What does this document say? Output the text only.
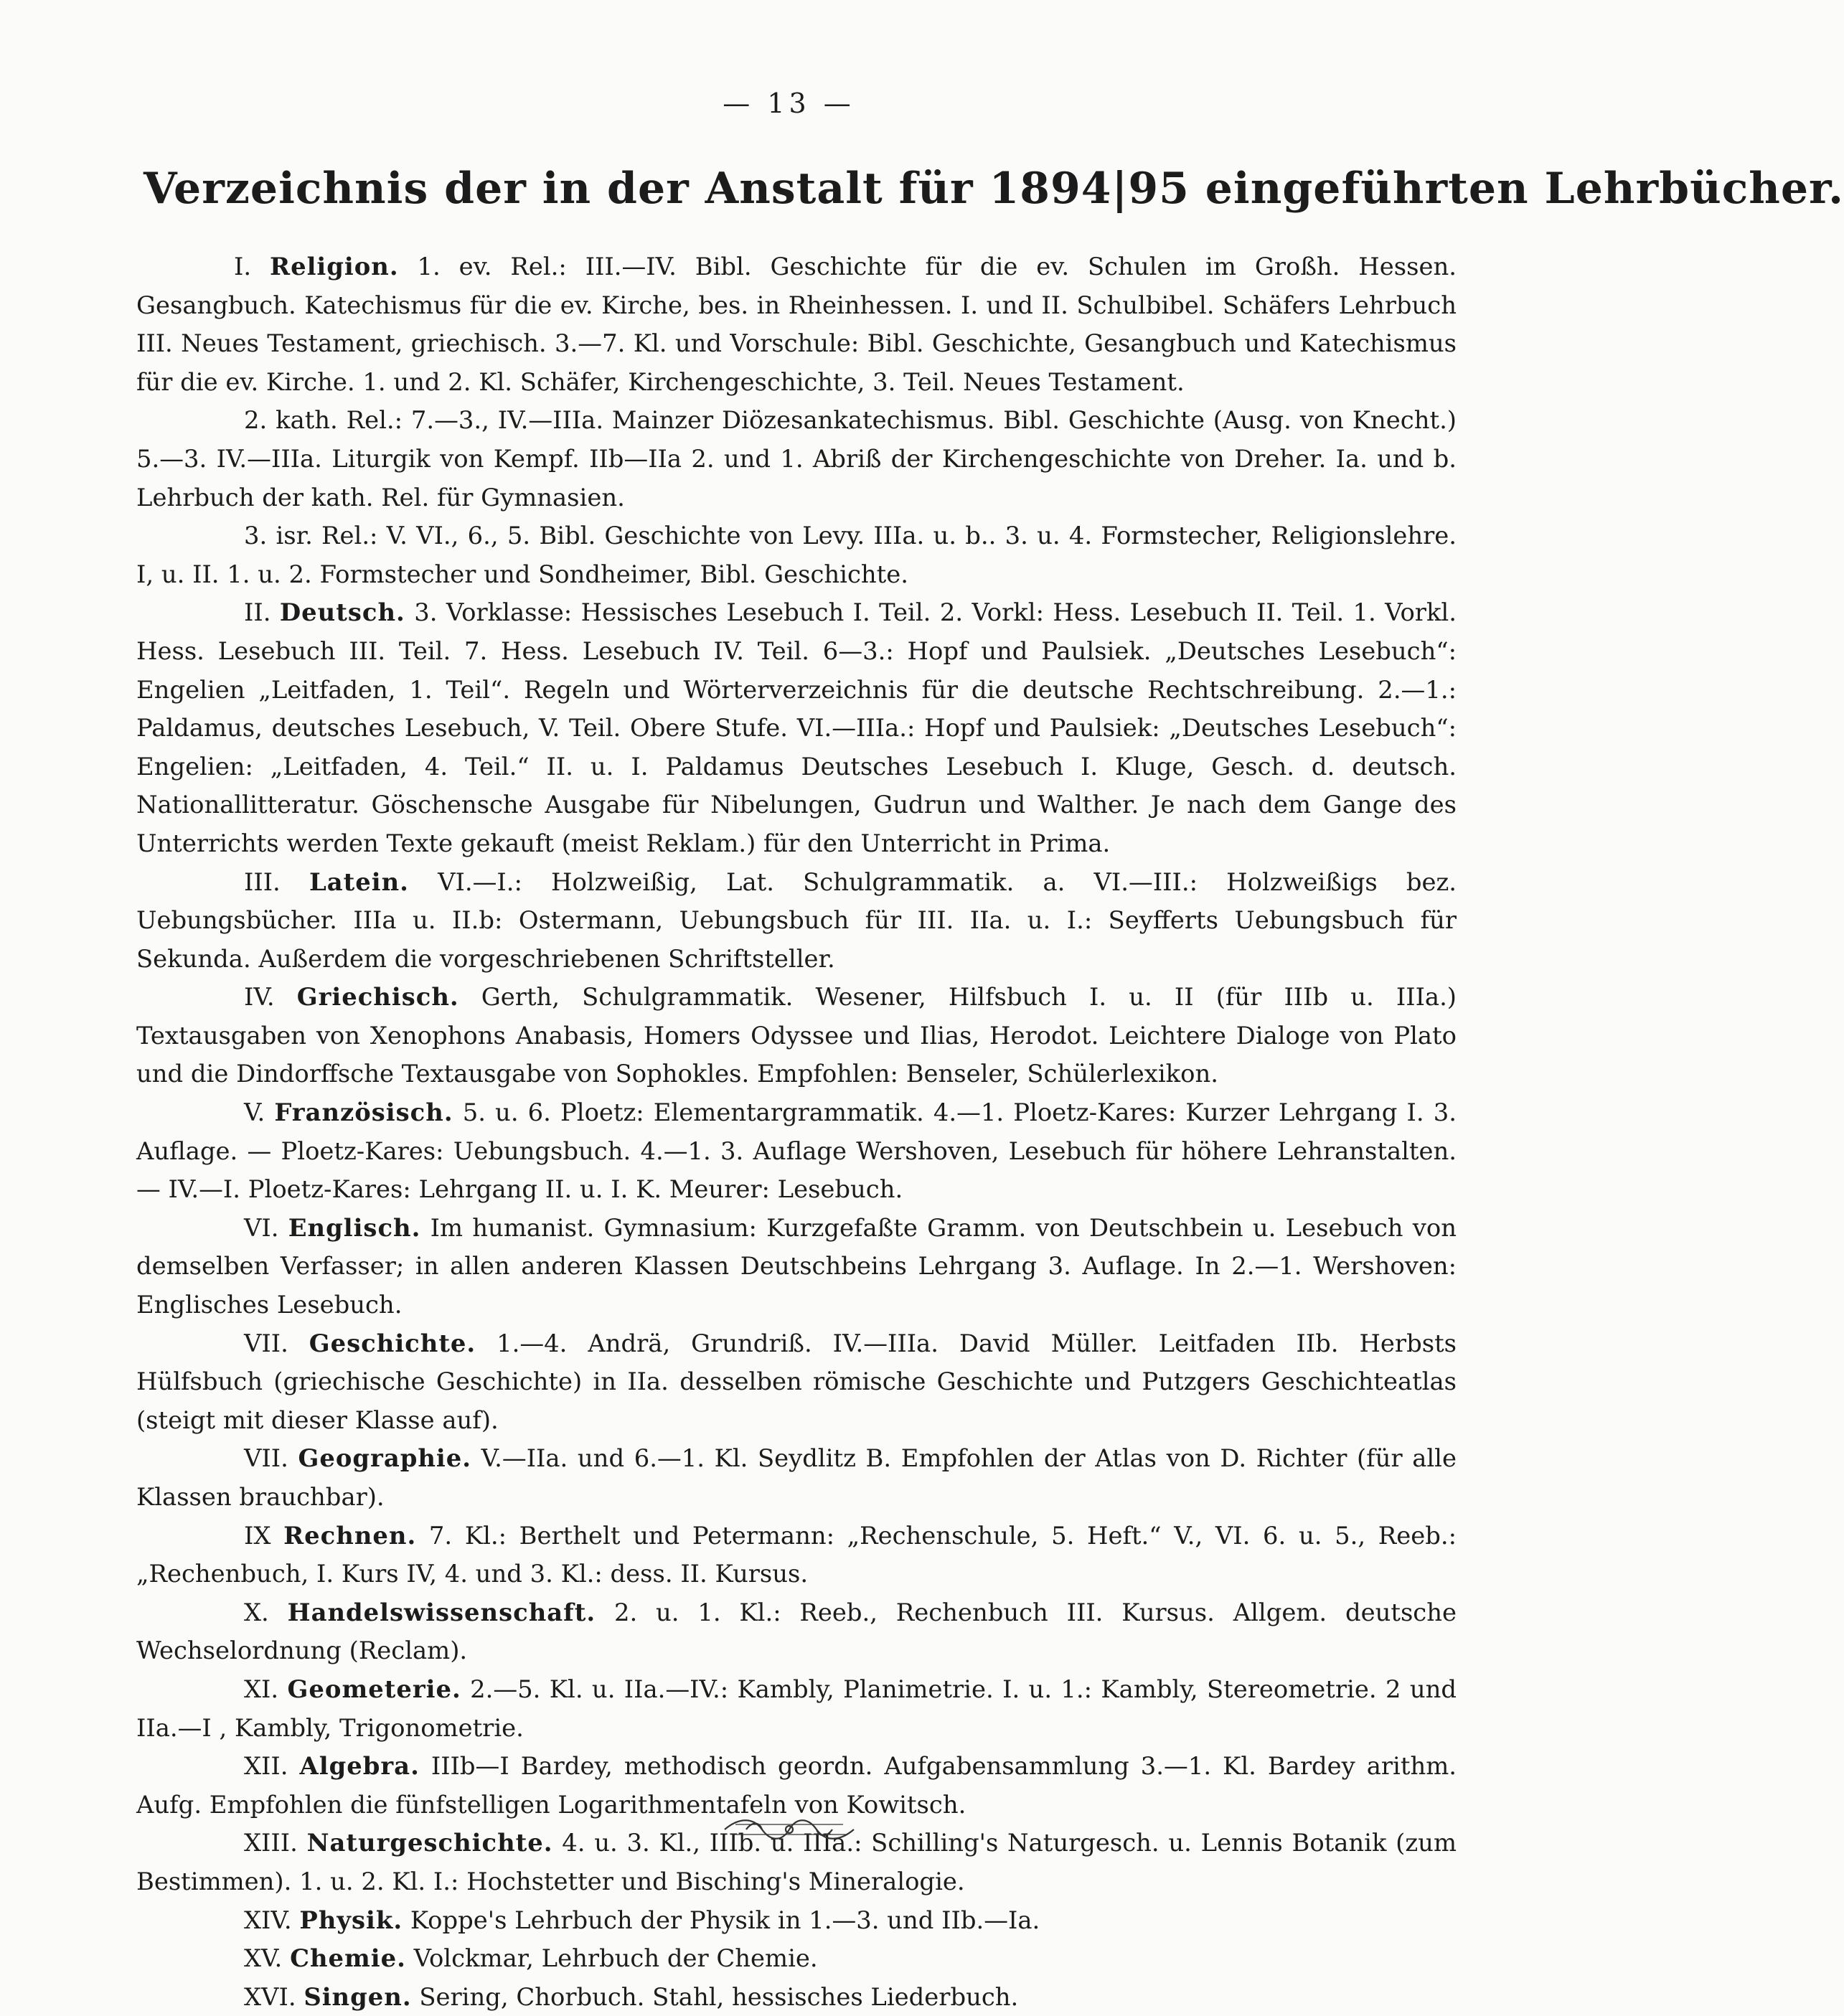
— 13 —
Verzeichnis der in der Anstalt für 1894|95 eingeführten Lehrbücher.

I. Religion. 1. ev. Rel.: III.—IV. Bibl. Geschichte für die ev. Schulen im Großh. Hessen. Gesangbuch. Katechismus für die ev. Kirche, bes. in Rheinhessen. I. und II. Schulbibel. Schäfers Lehrbuch III. Neues Testament, griechisch. 3.—7. Kl. und Vorschule: Bibl. Geschichte, Gesangbuch und Katechismus für die ev. Kirche. 1. und 2. Kl. Schäfer, Kirchengeschichte, 3. Teil. Neues Testament.

2. kath. Rel.: 7.—3., IV.—IIIa. Mainzer Diözesankatechismus. Bibl. Geschichte (Ausg. von Knecht.) 5.—3. IV.—IIIa. Liturgik von Kempf. IIb—IIa 2. und 1. Abriß der Kirchengeschichte von Dreher. Ia. und b. Lehrbuch der kath. Rel. für Gymnasien.

3. isr. Rel.: V. VI., 6., 5. Bibl. Geschichte von Levy. IIIa. u. b.. 3. u. 4. Formstecher, Religionslehre. I, u. II. 1. u. 2. Formstecher und Sondheimer, Bibl. Geschichte.

II. Deutsch. 3. Vorklasse: Hessisches Lesebuch I. Teil. 2. Vorkl: Hess. Lesebuch II. Teil. 1. Vorkl. Hess. Lesebuch III. Teil. 7. Hess. Lesebuch IV. Teil. 6—3.: Hopf und Paulsiek. „Deutsches Lesebuch“: Engelien „Leitfaden, 1. Teil“. Regeln und Wörterverzeichnis für die deutsche Rechtschreibung. 2.—1.: Paldamus, deutsches Lesebuch, V. Teil. Obere Stufe. VI.—IIIa.: Hopf und Paulsiek: „Deutsches Lesebuch“: Engelien: „Leitfaden, 4. Teil.“ II. u. I. Paldamus Deutsches Lesebuch I. Kluge, Gesch. d. deutsch. Nationallitteratur. Göschensche Ausgabe für Nibelungen, Gudrun und Walther. Je nach dem Gange des Unterrichts werden Texte gekauft (meist Reklam.) für den Unterricht in Prima.

III. Latein. VI.—I.: Holzweißig, Lat. Schulgrammatik. a. VI.—III.: Holzweißigs bez. Uebungsbücher. IIIa u. II.b: Ostermann, Uebungsbuch für III. IIa. u. I.: Seyfferts Uebungsbuch für Sekunda. Außerdem die vorgeschriebenen Schriftsteller.

IV. Griechisch. Gerth, Schulgrammatik. Wesener, Hilfsbuch I. u. II (für IIIb u. IIIa.) Textausgaben von Xenophons Anabasis, Homers Odyssee und Ilias, Herodot. Leichtere Dialoge von Plato und die Dindorffsche Textausgabe von Sophokles. Empfohlen: Benseler, Schülerlexikon.

V. Französisch. 5. u. 6. Ploetz: Elementargrammatik. 4.—1. Ploetz-Kares: Kurzer Lehrgang I. 3. Auflage. — Ploetz-Kares: Uebungsbuch. 4.—1. 3. Auflage Wershoven, Lesebuch für höhere Lehranstalten. — IV.—I. Ploetz-Kares: Lehrgang II. u. I. K. Meurer: Lesebuch.

VI. Englisch. Im humanist. Gymnasium: Kurzgefaßte Gramm. von Deutschbein u. Lesebuch von demselben Verfasser; in allen anderen Klassen Deutschbeins Lehrgang 3. Auflage. In 2.—1. Wershoven: Englisches Lesebuch.

VII. Geschichte. 1.—4. Andrä, Grundriß. IV.—IIIa. David Müller. Leitfaden IIb. Herbsts Hülfsbuch (griechische Geschichte) in IIa. desselben römische Geschichte und Putzgers Geschichteatlas (steigt mit dieser Klasse auf).

VII. Geographie. V.—IIa. und 6.—1. Kl. Seydlitz B. Empfohlen der Atlas von D. Richter (für alle Klassen brauchbar).

IX Rechnen. 7. Kl.: Berthelt und Petermann: „Rechenschule, 5. Heft.“ V., VI. 6. u. 5., Reeb.: „Rechenbuch, I. Kurs IV, 4. und 3. Kl.: dess. II. Kursus.

X. Handelswissenschaft. 2. u. 1. Kl.: Reeb., Rechenbuch III. Kursus. Allgem. deutsche Wechselordnung (Reclam).

XI. Geometerie. 2.—5. Kl. u. IIa.—IV.: Kambly, Planimetrie. I. u. 1.: Kambly, Stereometrie. 2 und IIa.—I , Kambly, Trigonometrie.

XII. Algebra. IIIb—I Bardey, methodisch geordn. Aufgabensammlung 3.—1. Kl. Bardey arithm. Aufg. Empfohlen die fünfstelligen Logarithmentafeln von Kowitsch.

XIII. Naturgeschichte. 4. u. 3. Kl., IIIb. u. IIIa.: Schilling's Naturgesch. u. Lennis Botanik (zum Bestimmen). 1. u. 2. Kl. I.: Hochstetter und Bisching's Mineralogie.

XIV. Physik. Koppe's Lehrbuch der Physik in 1.—3. und IIb.—Ia.

XV. Chemie. Volckmar, Lehrbuch der Chemie.

XVI. Singen. Sering, Chorbuch. Stahl, hessisches Liederbuch.
